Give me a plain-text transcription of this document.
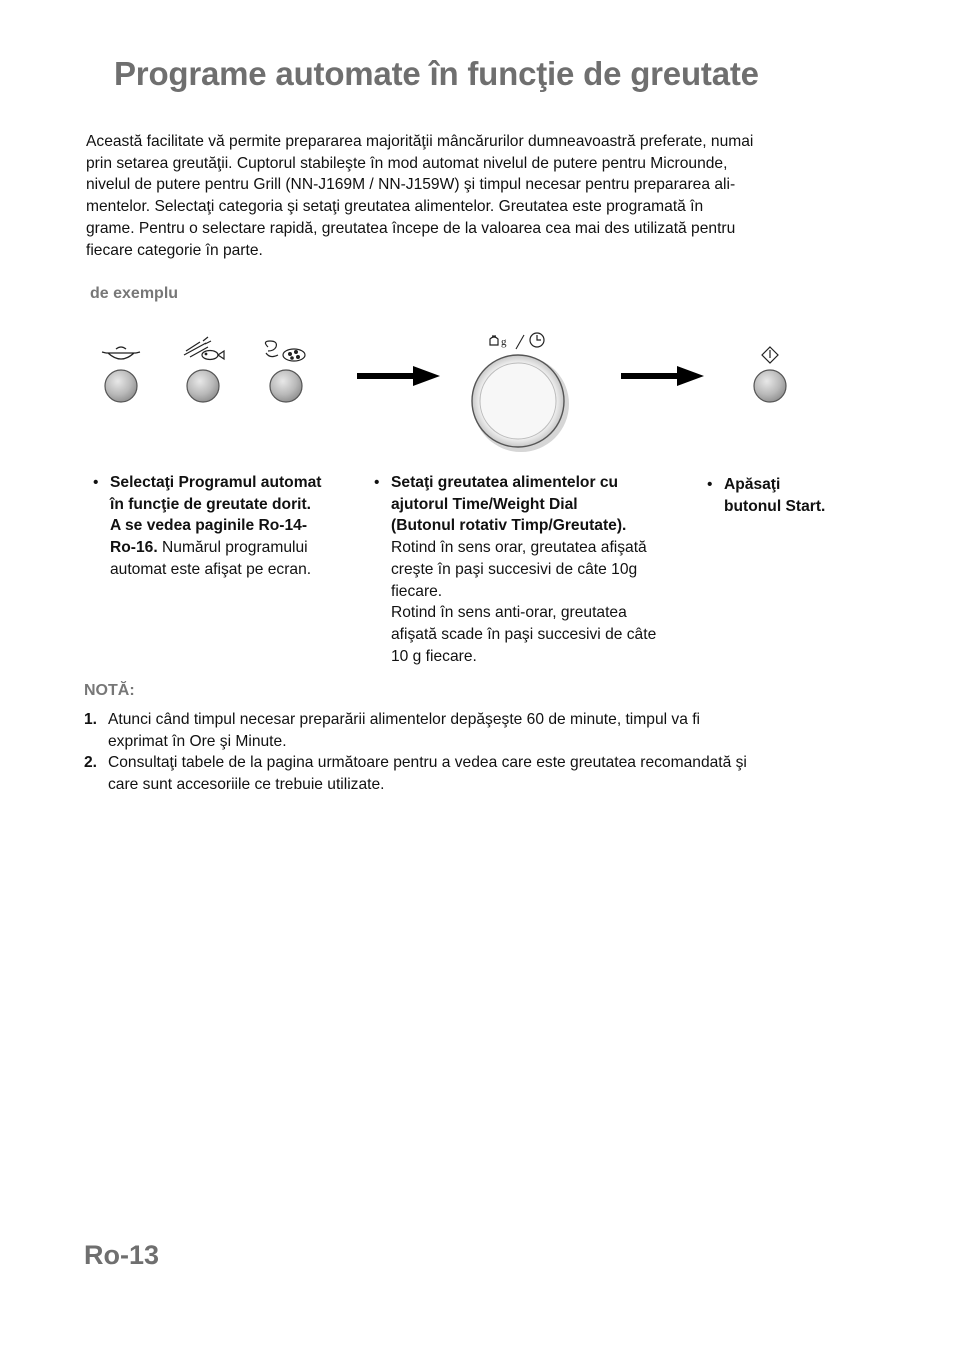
Programe automate în funcţie de greutate

Această facilitate vă permite prepararea majorităţii mâncărurilor dumneavoastră preferate, numai
prin setarea greutăţii. Cuptorul stabileşte în mod automat nivelul de putere pentru Microunde,
nivelul de putere pentru Grill (NN-J169M / NN-J159W) şi timpul necesar pentru prepararea ali-
mentelor. Selectaţi categoria şi setaţi greutatea alimentelor. Greutatea este programată în
grame. Pentru o selectare rapidă, greutatea începe de la valoarea cea mai des utilizată pentru
fiecare categorie în parte.

de exemplu
g
• Selectaţi Programul automat
în funcţie de greutate dorit.
A se vedea paginile Ro-14-
Ro-16. Numărul programului
automat este afişat pe ecran.
• Setaţi greutatea alimentelor cu
ajutorul Time/Weight Dial
(Butonul rotativ Timp/Greutate).
Rotind în sens orar, greutatea afişată
creşte în paşi succesivi de câte 10g
fiecare.
Rotind în sens anti-orar, greutatea
afişată scade în paşi succesivi de câte
10 g fiecare.
• Apăsaţi
butonul Start.
NOTĂ:
1. Atunci când timpul necesar preparării alimentelor depăşeşte 60 de minute, timpul va fi
exprimat în Ore şi Minute.
2. Consultaţi tabele de la pagina următoare pentru a vedea care este greutatea recomandată şi
care sunt accesoriile ce trebuie utilizate.
Ro-13
